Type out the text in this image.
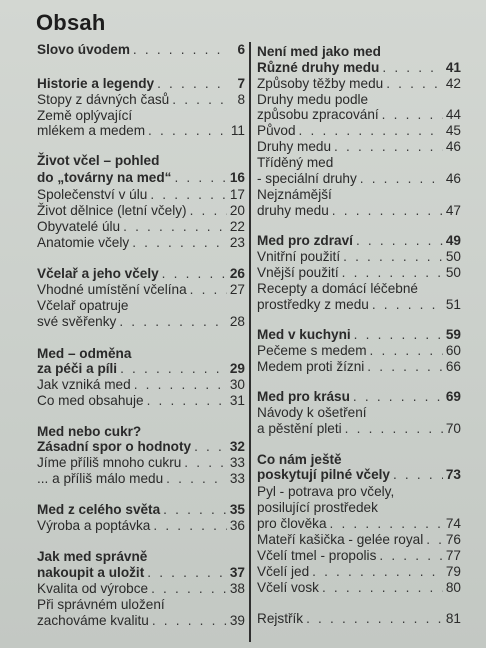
Obsah
Slovo úvodem . . .	6
Historie a legendy . . .	7
Stopy z dávných časů . . .	8
Země oplývající
mlékem a medem . . .	11
Život včel – pohled
do „továrny na med“ . . .	16
Společenství v úlu . . .	17
Život dělnice (letní včely) . . .	20
Obyvatelé úlu . . .	22
Anatomie včely . . .	23
Včelař a jeho včely . . .	26
Vhodné umístění včelína . . .	27
Včelař opatruje
své svěřenky . . .	28
Med – odměna
za péči a píli . . .	29
Jak vzniká med . . .	30
Co med obsahuje . . .	31
Med nebo cukr?
Zásadní spor o hodnoty . . .	32
Jíme příliš mnoho cukru . . .	33
... a příliš málo medu . . .	33
Med z celého světa . . .	35
Výroba a poptávka . . .	36
Jak med správně
nakoupit a uložit . . .	37
Kvalita od výrobce . . .	38
Při správném uložení
zachováme kvalitu . . .	39
Není med jako med
Různé druhy medu . . .	41
Způsoby těžby medu . . .	42
Druhy medu podle
způsobu zpracování . . .	44
Původ . . .	45
Druhy medu . . .	46
Tříděný med
- speciální druhy . . .	46
Nejznámější
druhy medu . . .	47
Med pro zdraví . . .	49
Vnitřní použití . . .	50
Vnější použití . . .	50
Recepty a domácí léčebné
prostředky z medu . . .	51
Med v kuchyni . . .	59
Pečeme s medem . . .	60
Medem proti žízni . . .	66
Med pro krásu . . .	69
Návody k ošetření
a pěstění pleti . . .	70
Co nám ještě
poskytují pilné včely . . .	73
Pyl - potrava pro včely,
posilující prostředek
pro člověka . . .	74
Mateří kašička - gelée royal . . . 76
Včelí tmel - propolis . . .	77
Včelí jed . . .	79
Včelí vosk . . .	80
Rejstřík . . .	81
